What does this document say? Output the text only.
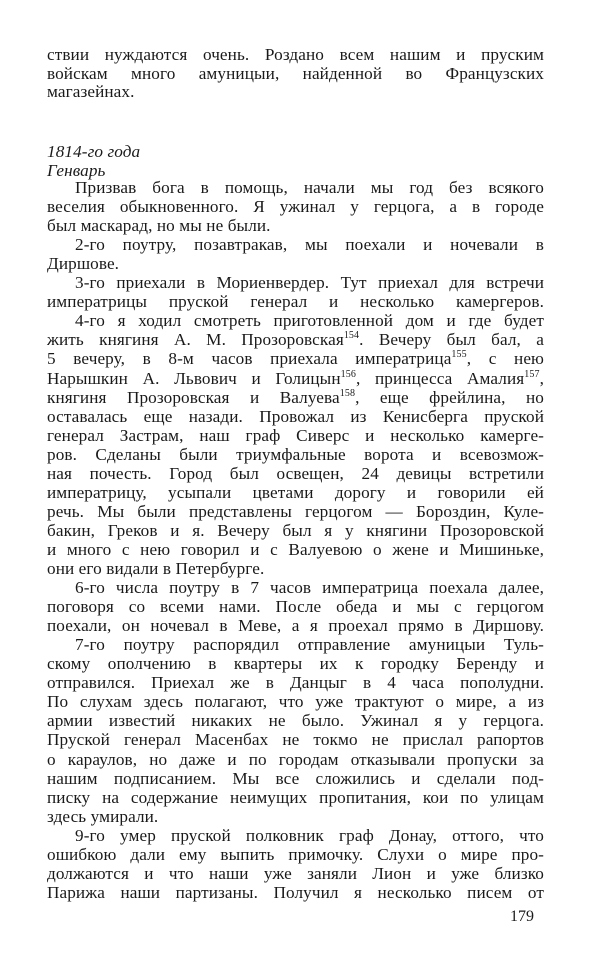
ствии нуждаются очень. Роздано всем нашим и пруским
войскам много амуницыи, найденной во Французских
магазейнах.
1814-го года
Генварь
Призвав бога в помощь, начали мы год без всякого
веселия обыкновенного. Я ужинал у герцога, а в городе
был маскарад, но мы не были.
2-го поутру, позавтракав, мы поехали и ночевали в
Диршове.
3-го приехали в Мориенвердер. Тут приехал для встречи
императрицы пруской генерал и несколько камергеров.
4-го я ходил смотреть приготовленной дом и где будет
жить княгиня А. М. Прозоровская$^{154}$. Вечеру был бал, а
5 вечеру, в 8-м часов приехала императрица$^{155}$, с нею
Нарышкин А. Львович и Голицын$^{156}$, принцесса Амалия$^{157}$,
княгиня Прозоровская и Валуева$^{158}$, еще фрейлина, но
оставалась еще назади. Провожал из Кенисберга пруской
генерал Застрам, наш граф Сиверс и несколько камерге-
ров. Сделаны были триумфальные ворота и всевозмож-
ная почесть. Город был освещен, 24 девицы встретили
императрицу, усыпали цветами дорогу и говорили ей
речь. Мы были представлены герцогом — Бороздин, Куле-
бакин, Греков и я. Вечеру был я у княгини Прозоровской
и много с нею говорил и с Валуевою о жене и Мишиньке,
они его видали в Петербурге.
6-го числа поутру в 7 часов императрица поехала далее,
поговоря со всеми нами. После обеда и мы с герцогом
поехали, он ночевал в Меве, а я проехал прямо в Диршову.
7-го поутру распорядил отправление амуницыи Туль-
скому ополчению в квартеры их к городку Беренду и
отправился. Приехал же в Данцыг в 4 часа пополудни.
По слухам здесь полагают, что уже трактуют о мире, а из
армии известий никаких не было. Ужинал я у герцога.
Пруской генерал Масенбах не токмо не прислал рапортов
о караулов, но даже и по городам отказывали пропуски за
нашим подписанием. Мы все сложились и сделали под-
писку на содержание неимущих пропитания, кои по улицам
здесь умирали.
9-го умер пруской полковник граф Донау, оттого, что
ошибкою дали ему выпить примочку. Слухи о мире про-
должаются и что наши уже заняли Лион и уже близко
Парижа наши партизаны. Получил я несколько писем от
179
